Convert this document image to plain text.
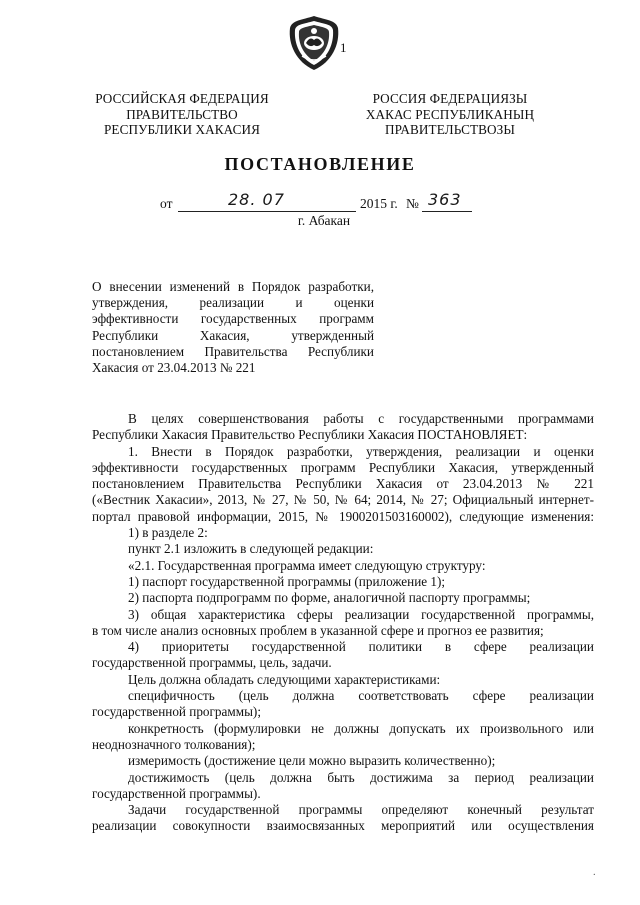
1
РОССИЙСКАЯ ФЕДЕРАЦИЯ
ПРАВИТЕЛЬСТВО
РЕСПУБЛИКИ ХАКАСИЯ
РОССИЯ ФЕДЕРАЦИЯЗЫ
ХАКАС РЕСПУБЛИКАНЫҢ
ПРАВИТЕЛЬСТВОЗЫ
ПОСТАНОВЛЕНИЕ
от	28. 07	2015 г. № 363
г. Абакан
О внесении изменений в Порядок разработки,
утверждения, реализации и оценки
эффективности государственных программ
Республики Хакасия, утвержденный
постановлением Правительства Республики
Хакасия от 23.04.2013 № 221
В целях совершенствования работы с государственными программами
Республики Хакасия Правительство Республики Хакасия ПОСТАНОВЛЯЕТ:
1. Внести в Порядок разработки, утверждения, реализации и оценки
эффективности государственных программ Республики Хакасия, утвержденный
постановлением Правительства Республики Хакасия от 23.04.2013 № 221
(«Вестник Хакасии», 2013, № 27, № 50, № 64; 2014, № 27; Официальный интернет-
портал правовой информации, 2015, № 1900201503160002), следующие изменения:
1) в разделе 2:
пункт 2.1 изложить в следующей редакции:
«2.1. Государственная программа имеет следующую структуру:
1) паспорт государственной программы (приложение 1);
2) паспорта подпрограмм по форме, аналогичной паспорту программы;
3) общая характеристика сферы реализации государственной программы,
в том числе анализ основных проблем в указанной сфере и прогноз ее развития;
4) приоритеты государственной политики в сфере реализации
государственной программы, цель, задачи.
Цель должна обладать следующими характеристиками:
специфичность (цель должна соответствовать сфере реализации
государственной программы);
конкретность (формулировки не должны допускать их произвольного или
неоднозначного толкования);
измеримость (достижение цели можно выразить количественно);
достижимость (цель должна быть достижима за период реализации
государственной программы).
Задачи государственной программы определяют конечный результат
реализации совокупности взаимосвязанных мероприятий или осуществления
·
